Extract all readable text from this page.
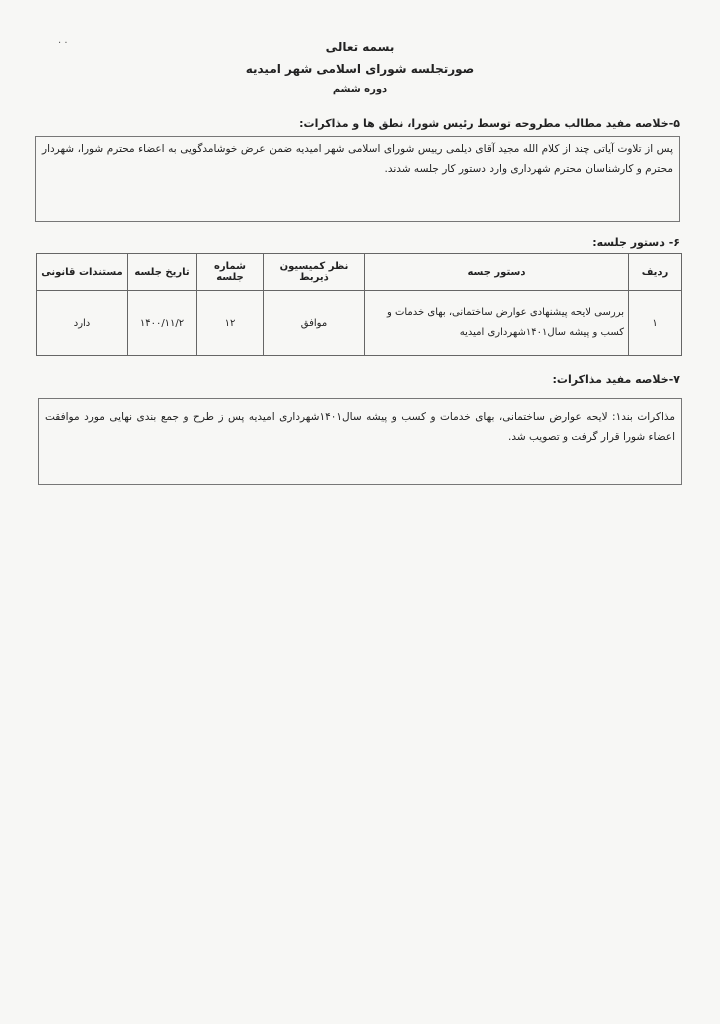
· ·	بسمه تعالی
صورتجلسه شورای اسلامی شهر امیدیه
دوره ششم
۵-خلاصه مفید مطالب مطروحه توسط رئیس شورا، نطق ها و مذاکرات:
پس از تلاوت آیاتی چند از کلام الله مجید آقای دیلمی رییس شورای اسلامی شهر امیدیه ضمن عرض خوشامدگویی به اعضاء محترم شورا، شهردار محترم و کارشناسان محترم شهرداری وارد دستور کار جلسه شدند.
۶- دستور جلسه:
ردیف	دستور جسه	نظر کمیسیون ذیربط	شماره جلسه	تاریخ جلسه	مستندات قانونی
۱	بررسی لایحه پیشنهادی عوارض ساختمانی، بهای خدمات و کسب و پیشه سال۱۴۰۱شهرداری امیدیه	موافق	۱۲	۱۴۰۰/۱۱/۲	دارد
۷-خلاصه مفید مذاکرات:
مذاکرات بند۱: لایحه عوارض ساختمانی، بهای خدمات و کسب و پیشه سال۱۴۰۱شهرداری امیدیه پس ز طرح و جمع بندی نهایی مورد موافقت اعضاء شورا قرار گرفت و تصویب شد.
